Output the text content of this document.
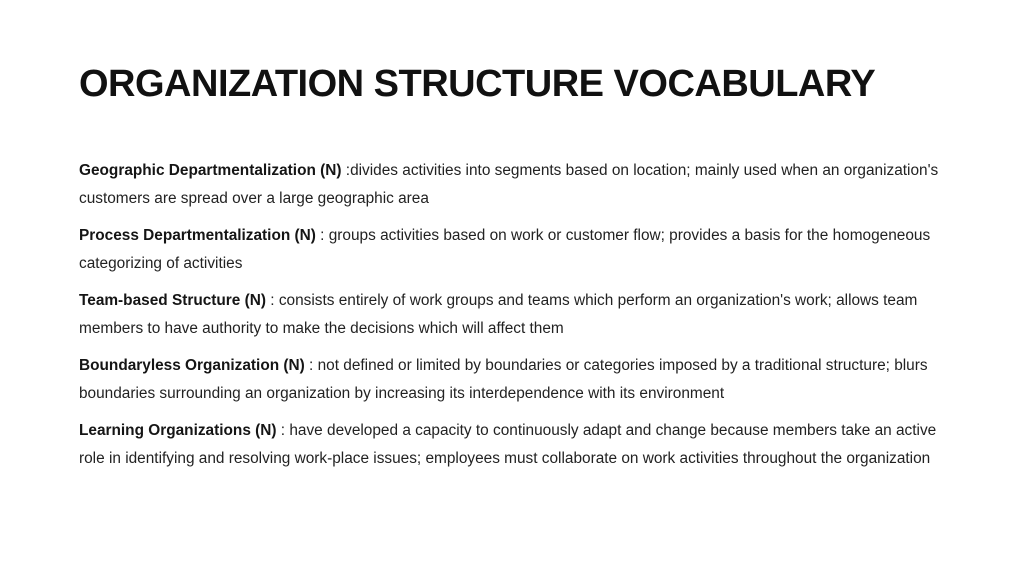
ORGANIZATION STRUCTURE VOCABULARY

Geographic Departmentalization (N) :divides activities into segments based on location; mainly used when an organization's customers are spread over a large geographic area

Process Departmentalization (N) : groups activities based on work or customer flow; provides a basis for the homogeneous categorizing of activities

Team-based Structure (N) : consists entirely of work groups and teams which perform an organization's work; allows team members to have authority to make the decisions which will affect them

Boundaryless Organization (N) : not defined or limited by boundaries or categories imposed by a traditional structure; blurs boundaries surrounding an organization by increasing its interdependence with its environment

Learning Organizations (N) : have developed a capacity to continuously adapt and change because members take an active role in identifying and resolving work-place issues; employees must collaborate on work activities throughout the organization
